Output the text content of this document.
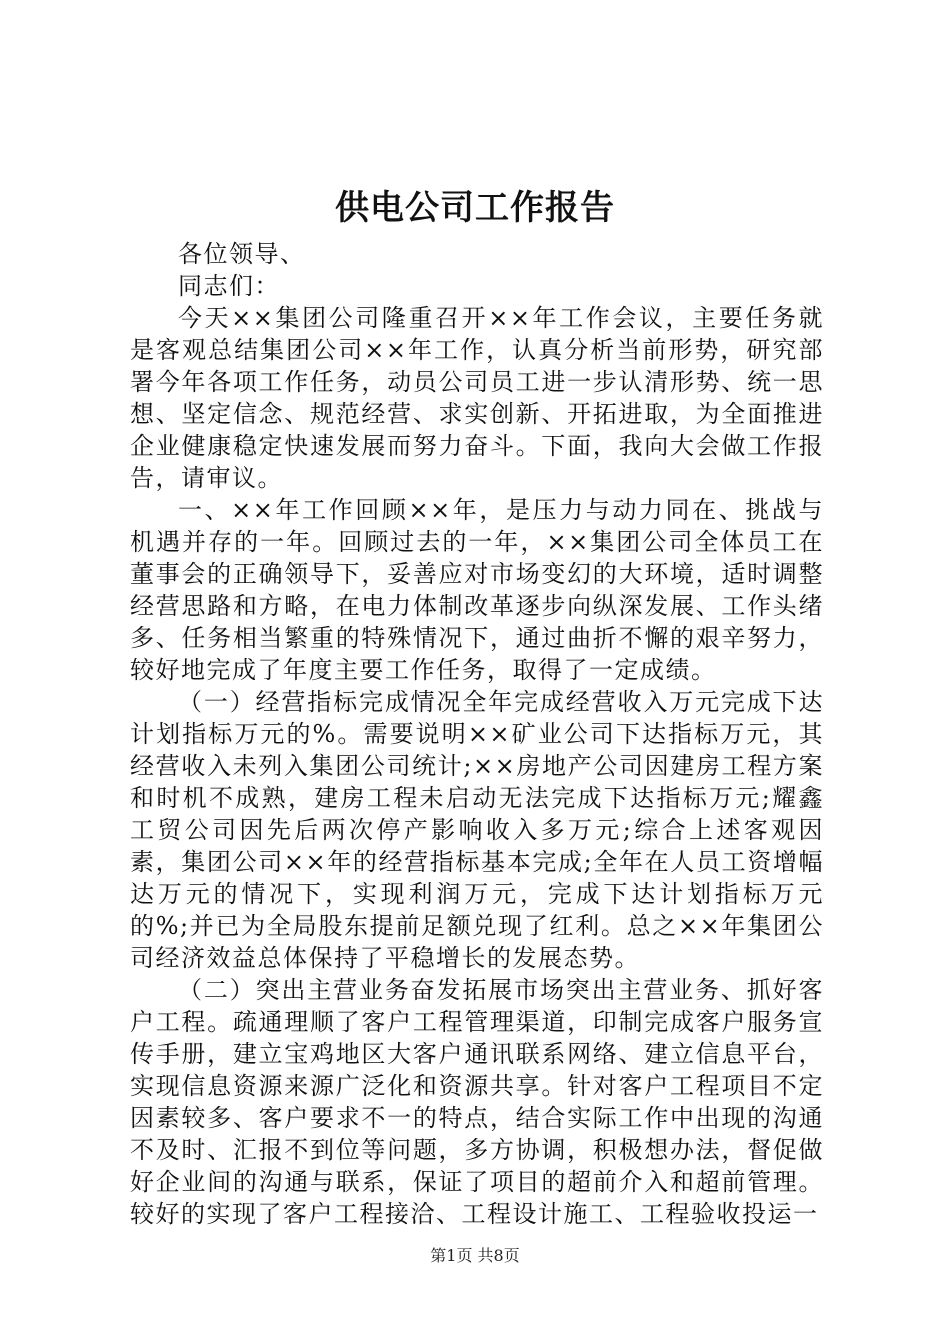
供电公司工作报告

各位领导、

同志们：

今天××集团公司隆重召开××年工作会议，主要任务就是客观总结集团公司××年工作，认真分析当前形势，研究部署今年各项工作任务，动员公司员工进一步认清形势、统一思想、坚定信念、规范经营、求实创新、开拓进取，为全面推进企业健康稳定快速发展而努力奋斗。下面，我向大会做工作报告，请审议。

一、××年工作回顾××年，是压力与动力同在、挑战与机遇并存的一年。回顾过去的一年，××集团公司全体员工在董事会的正确领导下，妥善应对市场变幻的大环境，适时调整经营思路和方略，在电力体制改革逐步向纵深发展、工作头绪多、任务相当繁重的特殊情况下，通过曲折不懈的艰辛努力，较好地完成了年度主要工作任务，取得了一定成绩。

（一）经营指标完成情况全年完成经营收入万元完成下达计划指标万元的%。需要说明××矿业公司下达指标万元，其经营收入未列入集团公司统计;××房地产公司因建房工程方案和时机不成熟，建房工程未启动无法完成下达指标万元;耀鑫工贸公司因先后两次停产影响收入多万元;综合上述客观因素，集团公司××年的经营指标基本完成;全年在人员工资增幅达万元的情况下，实现利润万元，完成下达计划指标万元的%;并已为全局股东提前足额兑现了红利。总之××年集团公司经济效益总体保持了平稳增长的发展态势。

（二）突出主营业务奋发拓展市场突出主营业务、抓好客户工程。疏通理顺了客户工程管理渠道，印制完成客户服务宣传手册，建立宝鸡地区大客户通讯联系网络、建立信息平台，实现信息资源来源广泛化和资源共享。针对客户工程项目不定因素较多、客户要求不一的特点，结合实际工作中出现的沟通不及时、汇报不到位等问题，多方协调，积极想办法，督促做好企业间的沟通与联系，保证了项目的超前介入和超前管理。较好的实现了客户工程接洽、工程设计施工、工程验收投运一

第1页 共8页
